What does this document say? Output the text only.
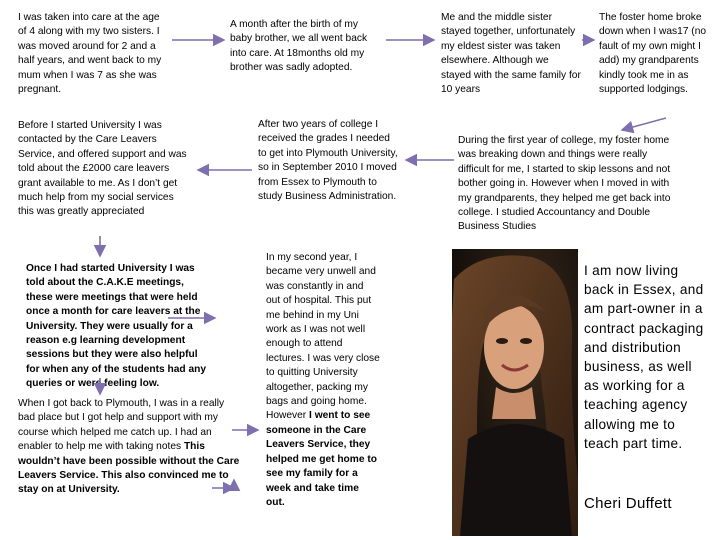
I was taken into care at the age of 4 along with my two sisters. I was moved around for 2 and a half years, and went back to my mum when I was 7 as she was pregnant.
A month after the birth of my baby brother, we all went back into care. At 18months old my brother was sadly adopted.
Me and the middle sister stayed together, unfortunately my eldest sister was taken elsewhere. Although we stayed with the same family for 10 years
The foster home broke down when I was17 (no fault of my own might I add) my grandparents kindly took me in as supported lodgings.
Before I started University I was contacted by the Care Leavers Service, and offered support and was told about the £2000 care leavers grant available to me. As I don’t get much help from my social services this was greatly appreciated
After two years of college I received the grades I needed to get into Plymouth University, so in September 2010 I moved from Essex to Plymouth to study Business Administration.
During the first year of college, my foster home was breaking down and things were really difficult for me, I started to skip lessons and not bother going in. However when I moved in with my grandparents, they helped me get back into college. I studied Accountancy and Double Business Studies
Once I had started University I was told about the C.A.K.E meetings, these were meetings that were held once a month for care leavers at the University. They were usually for a reason e.g learning development sessions but they were also helpful for when any of the students had any queries or were feeling low.
When I got back to Plymouth, I was in a really bad place but I got help and support with my course which helped me catch up. I had an enabler to help me with taking notes This wouldn’t have been possible without the Care Leavers Service. This also convinced me to stay on at University.
In my second year, I became very unwell and was constantly in and out of hospital. This put me behind in my Uni work as I was not well enough to attend lectures. I was very close to quitting University altogether, packing my bags and going home. However I went to see someone in the Care Leavers Service, they helped me get home to see my family for a week and take time out.
I am now living back in Essex, and am part-owner in a contract packaging and distribution business, as well as working for a teaching agency allowing me to teach part time.
Cheri Duffett
